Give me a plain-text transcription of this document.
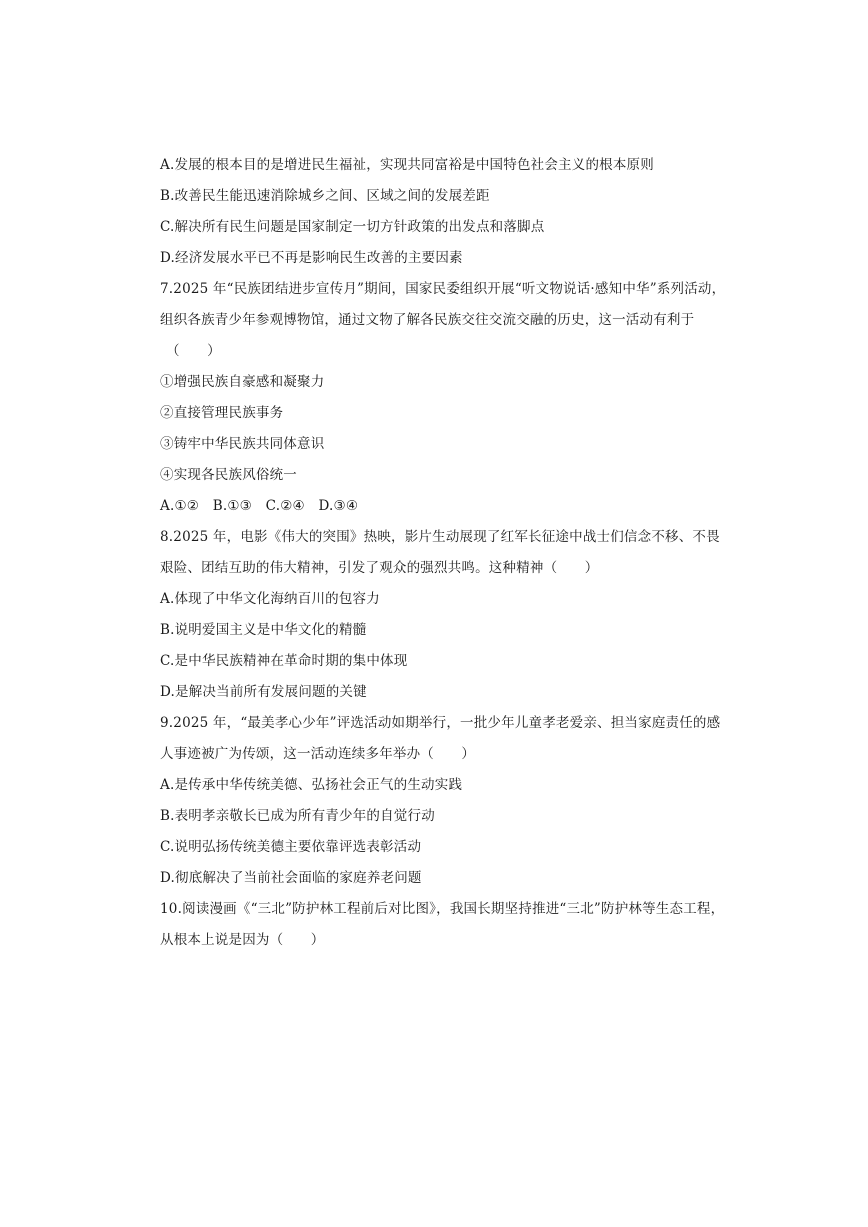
A.发展的根本目的是增进民生福祉，实现共同富裕是中国特色社会主义的根本原则
B.改善民生能迅速消除城乡之间、区域之间的发展差距
C.解决所有民生问题是国家制定一切方针政策的出发点和落脚点
D.经济发展水平已不再是影响民生改善的主要因素
7.2025 年“民族团结进步宣传月”期间，国家民委组织开展“听文物说话·感知中华”系列活动，
组织各族青少年参观博物馆，通过文物了解各民族交往交流交融的历史，这一活动有利于
（　　）
①增强民族自豪感和凝聚力
②直接管理民族事务
③铸牢中华民族共同体意识
④实现各民族风俗统一
A.①②　B.①③　C.②④　D.③④
8.2025 年，电影《伟大的突围》热映，影片生动展现了红军长征途中战士们信念不移、不畏
艰险、团结互助的伟大精神，引发了观众的强烈共鸣。这种精神（　　）
A.体现了中华文化海纳百川的包容力
B.说明爱国主义是中华文化的精髓
C.是中华民族精神在革命时期的集中体现
D.是解决当前所有发展问题的关键
9.2025 年，“最美孝心少年”评选活动如期举行，一批少年儿童孝老爱亲、担当家庭责任的感
人事迹被广为传颂，这一活动连续多年举办（　　）
A.是传承中华传统美德、弘扬社会正气的生动实践
B.表明孝亲敬长已成为所有青少年的自觉行动
C.说明弘扬传统美德主要依靠评选表彰活动
D.彻底解决了当前社会面临的家庭养老问题
10.阅读漫画《“三北”防护林工程前后对比图》，我国长期坚持推进“三北”防护林等生态工程，
从根本上说是因为（　　）
